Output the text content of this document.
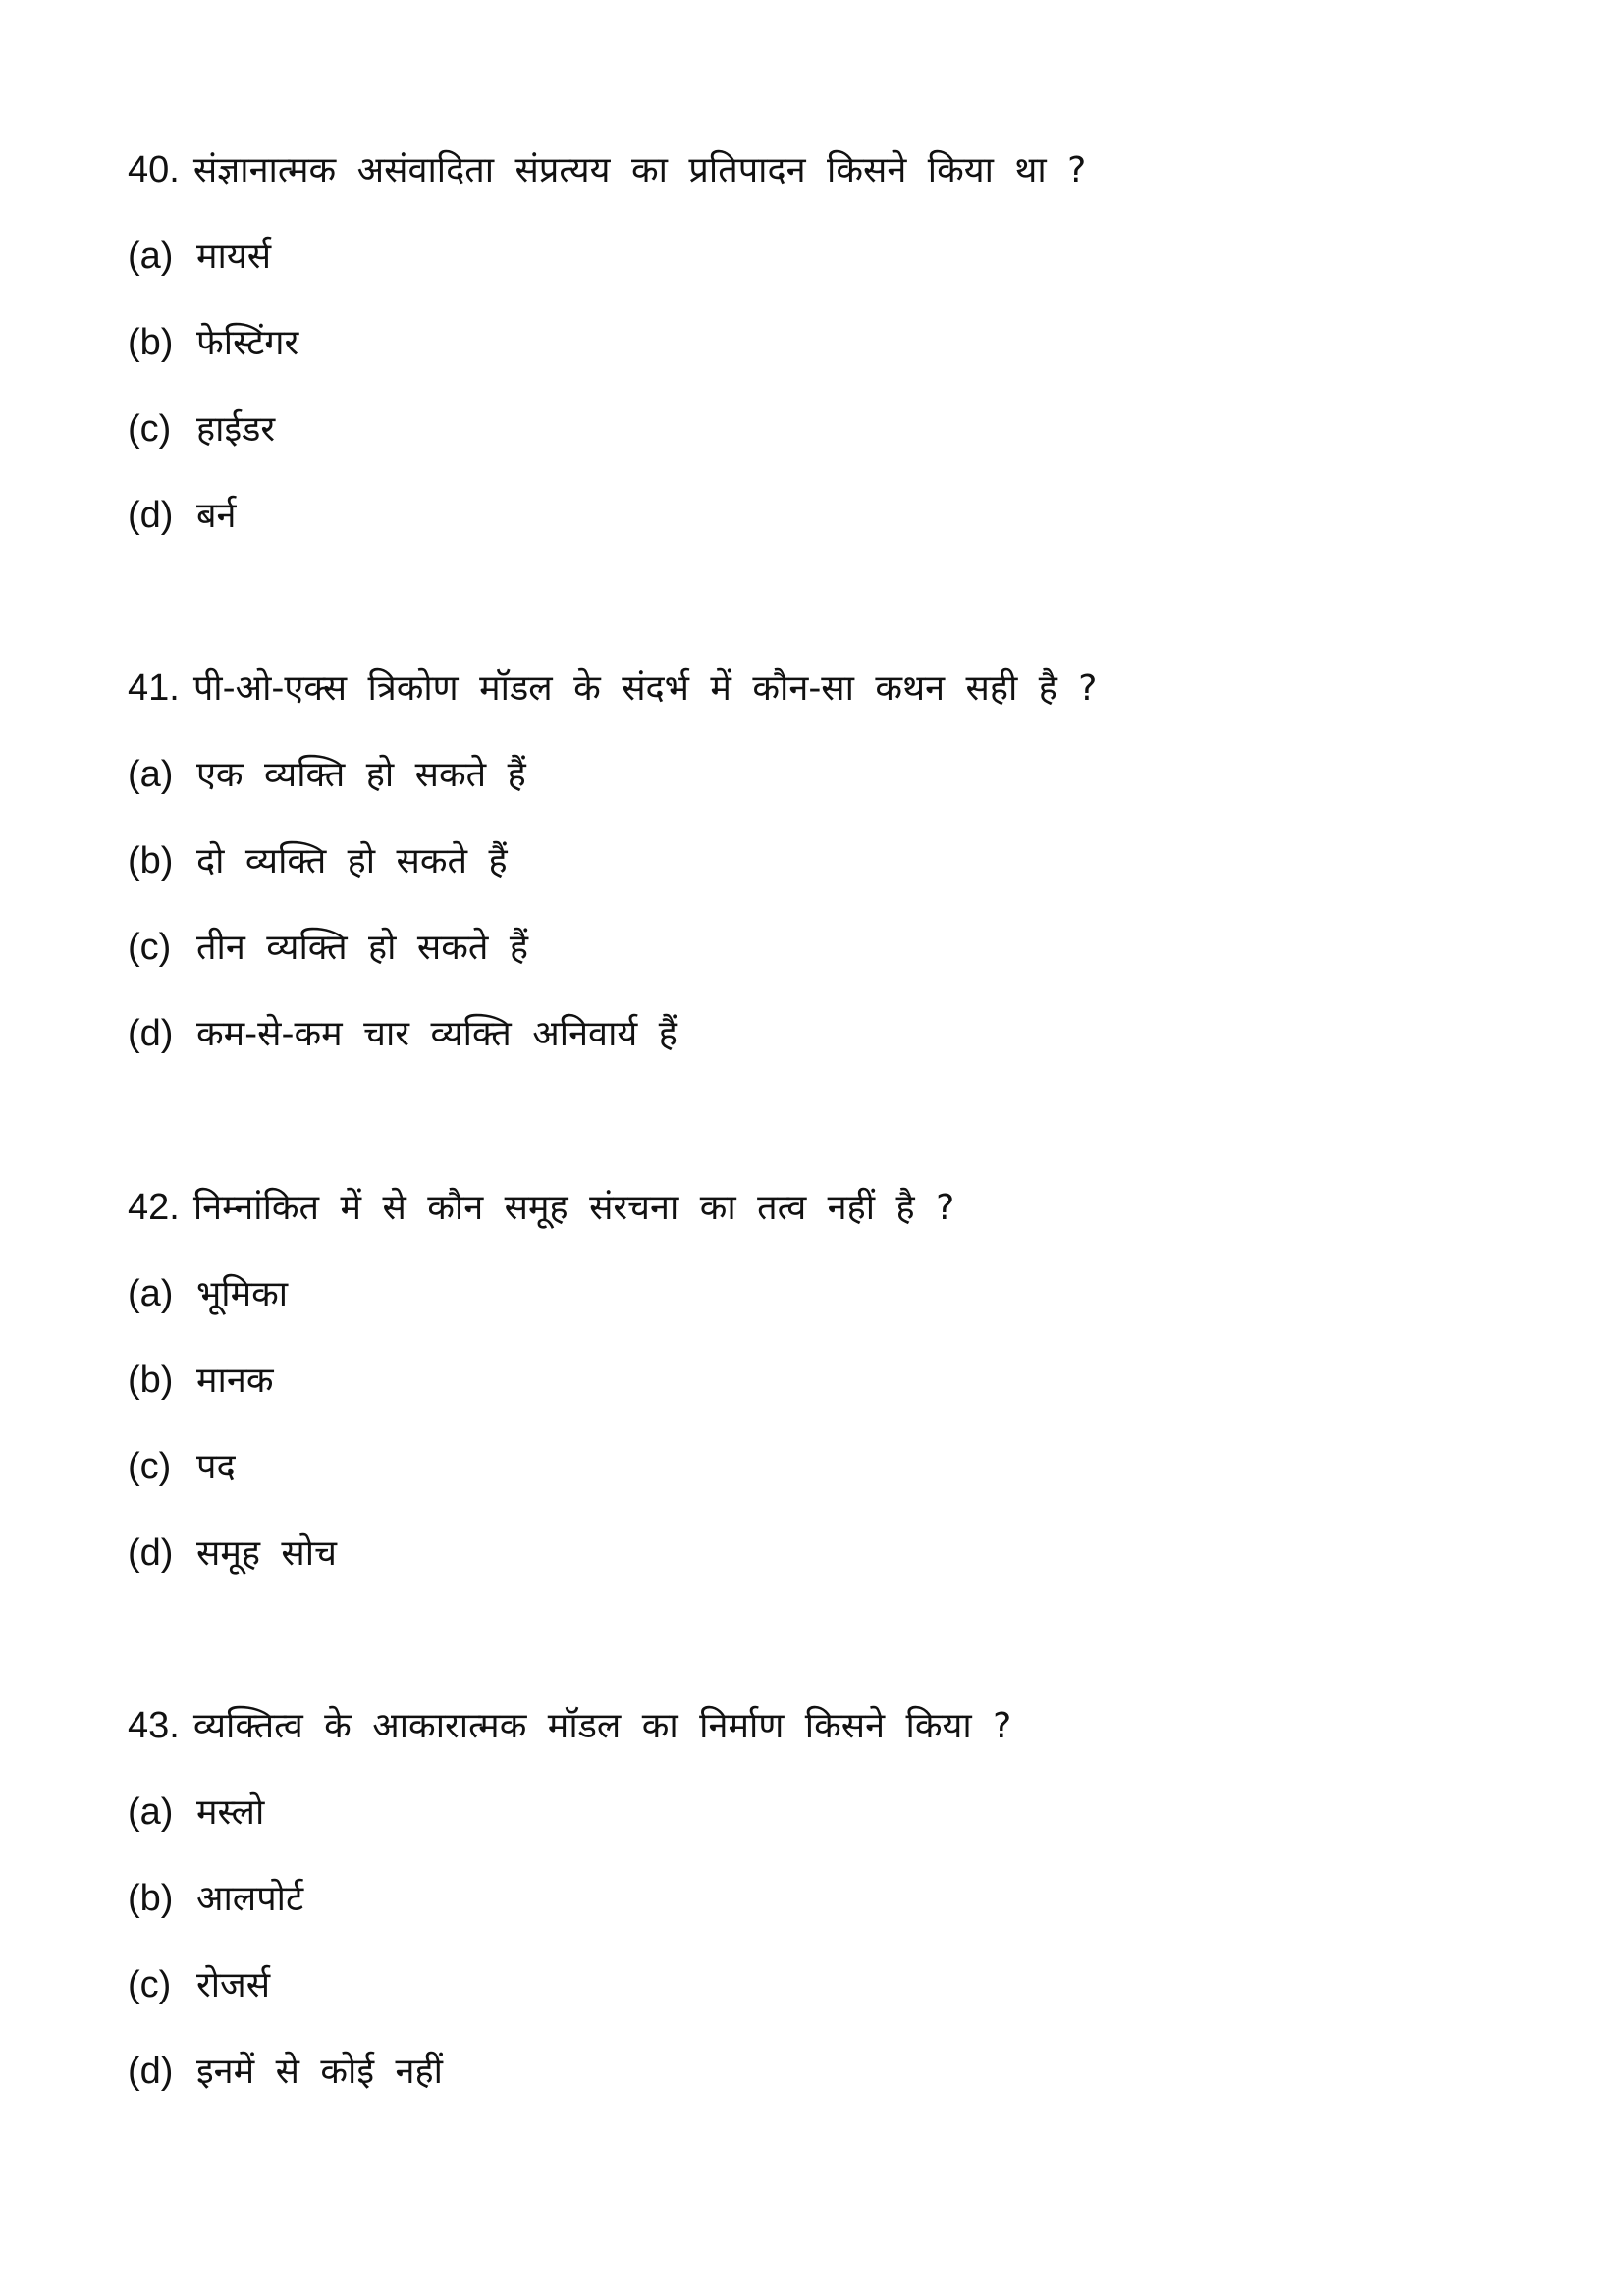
40. संज्ञानात्मक असंवादिता संप्रत्यय का प्रतिपादन किसने किया था ?
(a) मायर्स
(b) फेस्टिंगर
(c) हाईडर
(d) बर्न
41. पी-ओ-एक्स त्रिकोण मॉडल के संदर्भ में कौन-सा कथन सही है ?
(a) एक व्यक्ति हो सकते हैं
(b) दो व्यक्ति हो सकते हैं
(c) तीन व्यक्ति हो सकते हैं
(d) कम-से-कम चार व्यक्ति अनिवार्य हैं
42. निम्नांकित में से कौन समूह संरचना का तत्व नहीं है ?
(a) भूमिका
(b) मानक
(c) पद
(d) समूह सोच
43. व्यक्तित्व के आकारात्मक मॉडल का निर्माण किसने किया ?
(a) मस्लो
(b) आलपोर्ट
(c) रोजर्स
(d) इनमें से कोई नहीं
